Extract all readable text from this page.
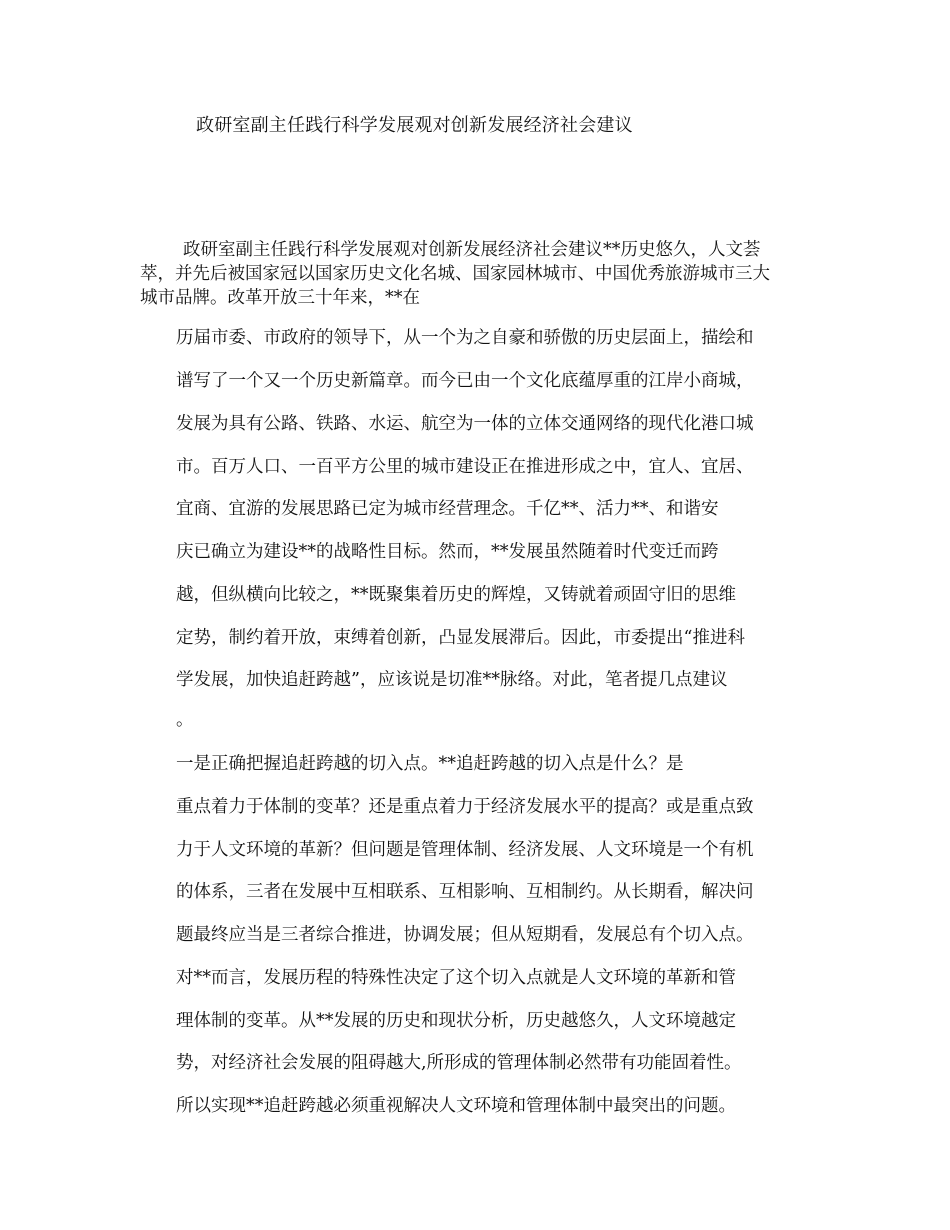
政研室副主任践行科学发展观对创新发展经济社会建议
政研室副主任践行科学发展观对创新发展经济社会建议**历史悠久，人文荟
萃，并先后被国家冠以国家历史文化名城、国家园林城市、中国优秀旅游城市三大
城市品牌。改革开放三十年来，**在
历届市委、市政府的领导下，从一个为之自豪和骄傲的历史层面上，描绘和
谱写了一个又一个历史新篇章。而今已由一个文化底蕴厚重的江岸小商城，
发展为具有公路、铁路、水运、航空为一体的立体交通网络的现代化港口城
市。百万人口、一百平方公里的城市建设正在推进形成之中，宜人、宜居、
宜商、宜游的发展思路已定为城市经营理念。千亿**、活力**、和谐安
庆已确立为建设**的战略性目标。然而，**发展虽然随着时代变迁而跨
越，但纵横向比较之，**既聚集着历史的辉煌，又铸就着顽固守旧的思维
定势，制约着开放，束缚着创新，凸显发展滞后。因此，市委提出“推进科
学发展，加快追赶跨越”，应该说是切准**脉络。对此，笔者提几点建议
。
一是正确把握追赶跨越的切入点。**追赶跨越的切入点是什么？是
重点着力于体制的变革？还是重点着力于经济发展水平的提高？或是重点致
力于人文环境的革新？但问题是管理体制、经济发展、人文环境是一个有机
的体系，三者在发展中互相联系、互相影响、互相制约。从长期看，解决问
题最终应当是三者综合推进，协调发展；但从短期看，发展总有个切入点。
对**而言，发展历程的特殊性决定了这个切入点就是人文环境的革新和管
理体制的变革。从**发展的历史和现状分析，历史越悠久，人文环境越定
势，对经济社会发展的阻碍越大,所形成的管理体制必然带有功能固着性。
所以实现**追赶跨越必须重视解决人文环境和管理体制中最突出的问题。
